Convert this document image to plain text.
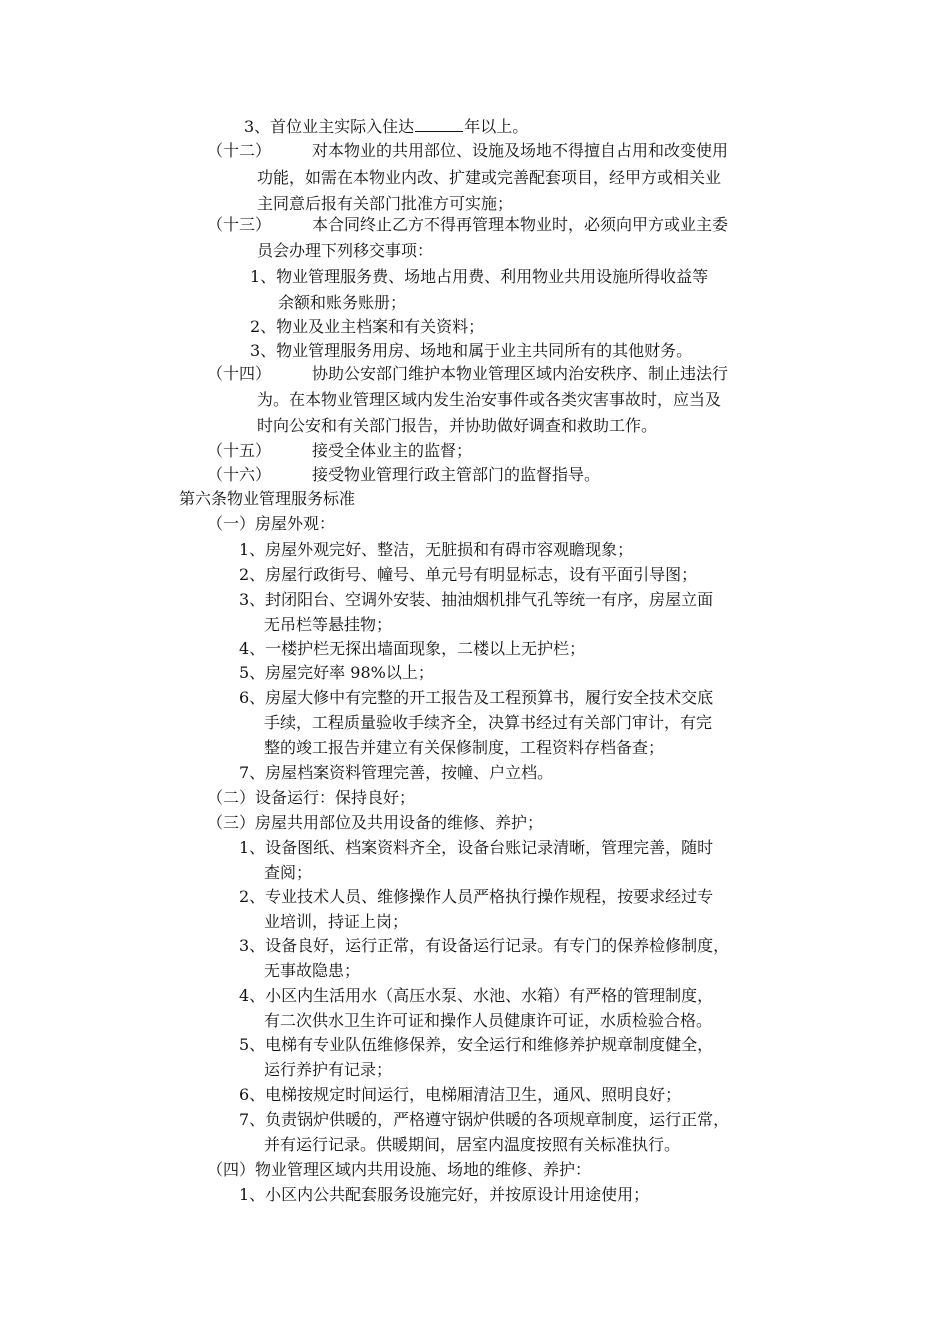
3、首位业主实际入住达	年以上。
（十二）	对本物业的共用部位、设施及场地不得擅自占用和改变使用
功能，如需在本物业内改、扩建或完善配套项目，经甲方或相关业
主同意后报有关部门批准方可实施；
（十三）	本合同终止乙方不得再管理本物业时，必须向甲方或业主委
员会办理下列移交事项：
1、物业管理服务费、场地占用费、利用物业共用设施所得收益等
余额和账务账册；
2、物业及业主档案和有关资料；
3、物业管理服务用房、场地和属于业主共同所有的其他财务。
（十四）	协助公安部门维护本物业管理区域内治安秩序、制止违法行
为。在本物业管理区域内发生治安事件或各类灾害事故时，应当及
时向公安和有关部门报告，并协助做好调查和救助工作。
（十五）	接受全体业主的监督；
（十六）	接受物业管理行政主管部门的监督指导。
第六条物业管理服务标准
（一）房屋外观：
1、房屋外观完好、整洁，无脏损和有碍市容观瞻现象；
2、房屋行政街号、幢号、单元号有明显标志，设有平面引导图；
3、封闭阳台、空调外安装、抽油烟机排气孔等统一有序，房屋立面
无吊栏等悬挂物；
4、一楼护栏无探出墙面现象，二楼以上无护栏；
5、房屋完好率 98%以上；
6、房屋大修中有完整的开工报告及工程预算书，履行安全技术交底
手续，工程质量验收手续齐全，决算书经过有关部门审计，有完
整的竣工报告并建立有关保修制度，工程资料存档备查；
7、房屋档案资料管理完善，按幢、户立档。
（二）设备运行：保持良好；
（三）房屋共用部位及共用设备的维修、养护；
1、设备图纸、档案资料齐全，设备台账记录清晰，管理完善，随时
查阅；
2、专业技术人员、维修操作人员严格执行操作规程，按要求经过专
业培训，持证上岗；
3、设备良好，运行正常，有设备运行记录。有专门的保养检修制度，
无事故隐患；
4、小区内生活用水（高压水泵、水池、水箱）有严格的管理制度，
有二次供水卫生许可证和操作人员健康许可证，水质检验合格。
5、电梯有专业队伍维修保养，安全运行和维修养护规章制度健全，
运行养护有记录；
6、电梯按规定时间运行，电梯厢清洁卫生，通风、照明良好；
7、负责锅炉供暖的，严格遵守锅炉供暖的各项规章制度，运行正常，
并有运行记录。供暖期间，居室内温度按照有关标准执行。
（四）物业管理区域内共用设施、场地的维修、养护：
1、小区内公共配套服务设施完好，并按原设计用途使用；
